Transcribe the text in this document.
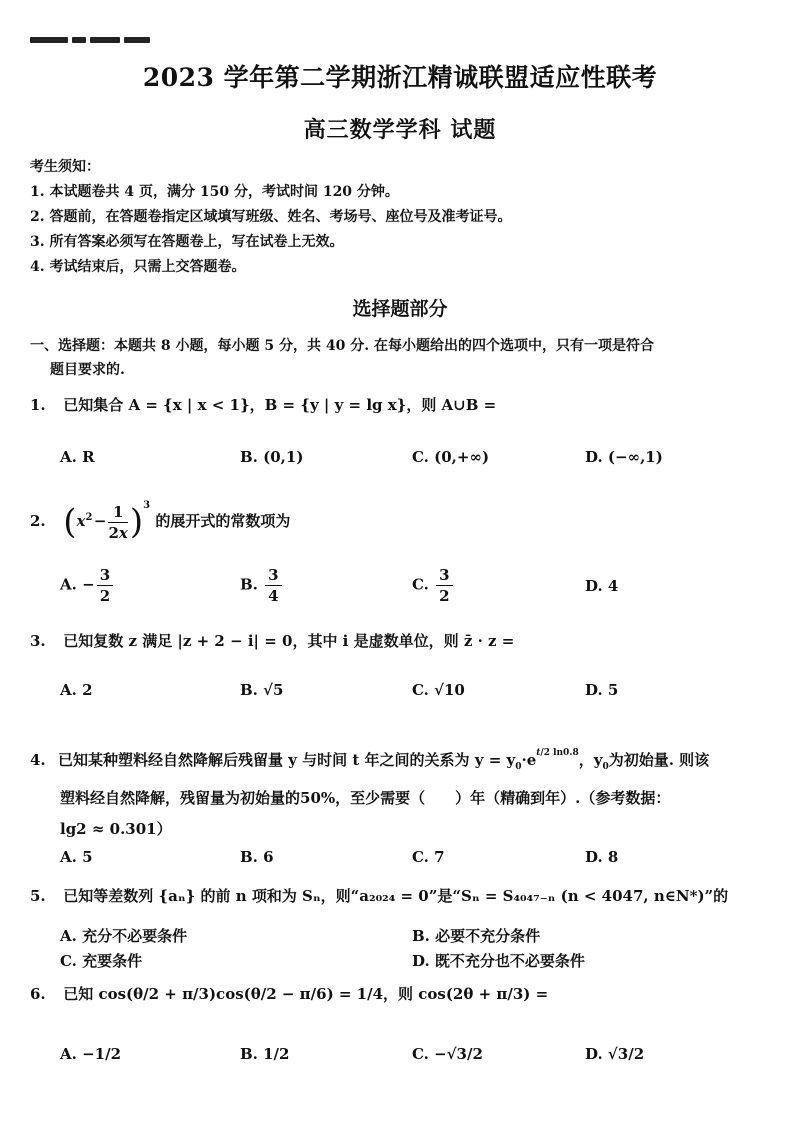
2023 学年第二学期浙江精诚联盟适应性联考
高三数学学科 试题
考生须知：
1. 本试题卷共 4 页，满分 150 分，考试时间 120 分钟。
2. 答题前，在答题卷指定区域填写班级、姓名、考场号、座位号及准考证号。
3. 所有答案必须写在答题卷上，写在试卷上无效。
4. 考试结束后，只需上交答题卷。
选择题部分
一、选择题：本题共 8 小题，每小题 5 分，共 40 分. 在每小题给出的四个选项中，只有一项是符合
题目要求的.
1. 已知集合 A = {x | x < 1}，B = {y | y = lg x}，则 A∪B =
A. R	B. (0,1)	C. (0,+∞)	D. (−∞,1)
2. ($x^2$ − $\frac{1}{2x} )^3$ 的展开式的常数项为
A. − $\frac{3}{2}$	B. $\frac{3}{4}$	C. $\frac{3}{2}$	D. 4
3. 已知复数 z 满足 |z + 2 − i| = 0，其中 i 是虚数单位，则 z̄ · z =
A. 2	B. √5	C. √10	D. 5
4. 已知某种塑料经自然降解后残留量 y 与时间 t 年之间的关系为 $y = y_0\cdot e^{t/2 ln0.8}$，$y_0$为初始量. 则该
塑料经自然降解，残留量为初始量的50%，至少需要（　　）年（精确到年）.（参考数据：
lg2 ≈ 0.301）
A. 5	B. 6	C. 7	D. 8
5. 已知等差数列 {aₙ} 的前 n 项和为 Sₙ，则“a₂₀₂₄ = 0”是“Sₙ = S₄₀₄₇₋ₙ (n < 4047, n∈N*)”的
A. 充分不必要条件	B. 必要不充分条件
C. 充要条件	D. 既不充分也不必要条件
6. 已知 cos(θ/2 + π/3)cos(θ/2 − π/6) = 1/4，则 cos(2θ + π/3) =
A. −1/2	B. 1/2	C. −√3/2	D. √3/2
